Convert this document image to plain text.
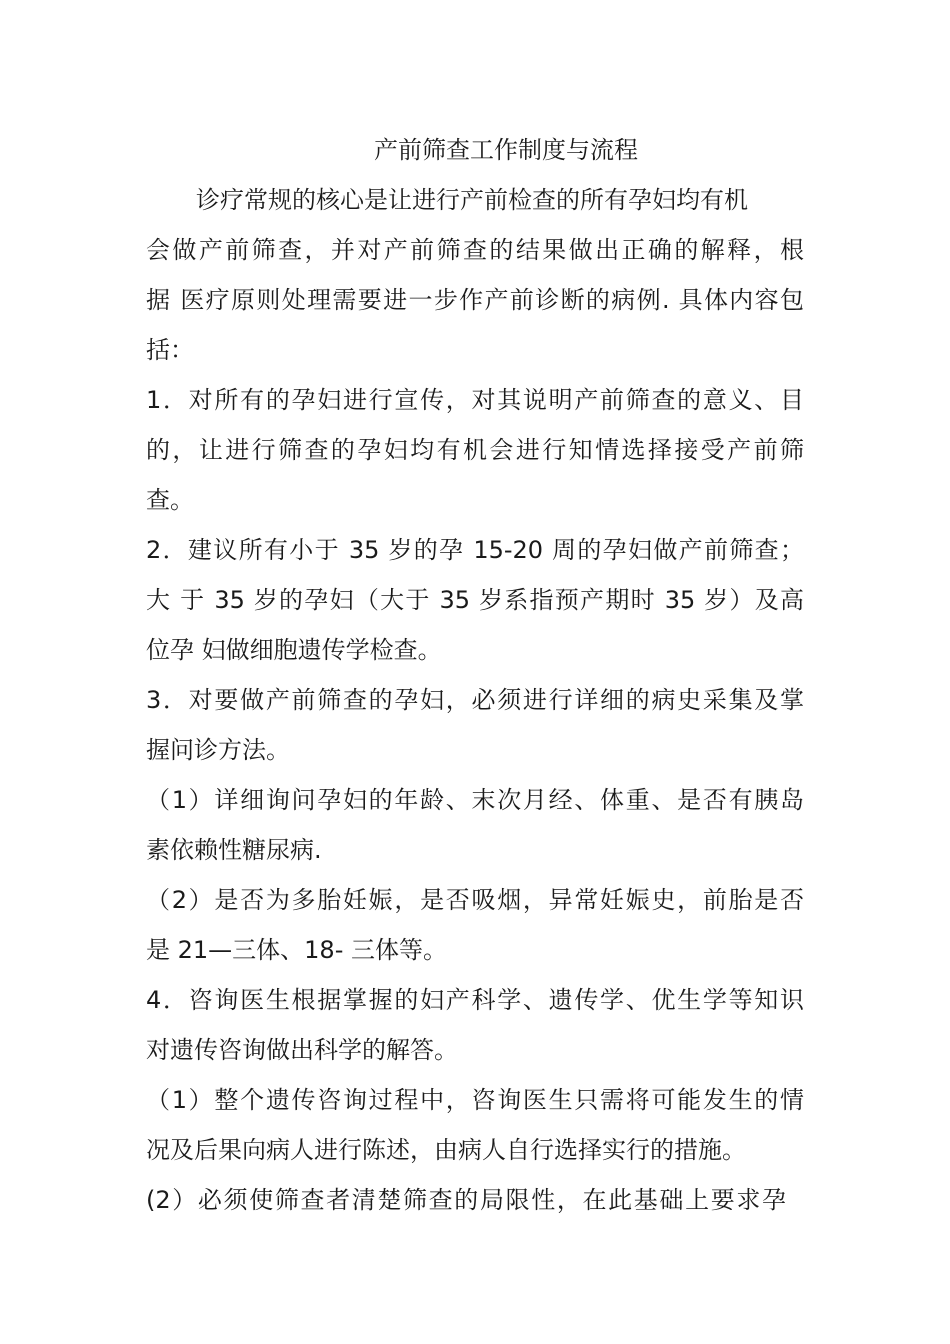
产前筛查工作制度与流程
诊疗常规的核心是让进行产前检查的所有孕妇均有机
会做产前筛查，并对产前筛查的结果做出正确的解释，根
据 医疗原则处理需要进一步作产前诊断的病例. 具体内容包
括：
1．对所有的孕妇进行宣传，对其说明产前筛查的意义、目
的，让进行筛查的孕妇均有机会进行知情选择接受产前筛
查。
2．建议所有小于 35 岁的孕 15-20 周的孕妇做产前筛查；
大 于 35 岁的孕妇（大于 35 岁系指预产期时 35 岁）及高
位孕 妇做细胞遗传学检查。
3．对要做产前筛查的孕妇，必须进行详细的病史采集及掌
握问诊方法。
（1）详细询问孕妇的年龄、末次月经、体重、是否有胰岛
素依赖性糖尿病.
（2）是否为多胎妊娠，是否吸烟，异常妊娠史，前胎是否
是 21—三体、18- 三体等。
4．咨询医生根据掌握的妇产科学、遗传学、优生学等知识
对遗传咨询做出科学的解答。
（1）整个遗传咨询过程中，咨询医生只需将可能发生的情
况及后果向病人进行陈述，由病人自行选择实行的措施。
(2）必须使筛查者清楚筛查的局限性，在此基础上要求孕
